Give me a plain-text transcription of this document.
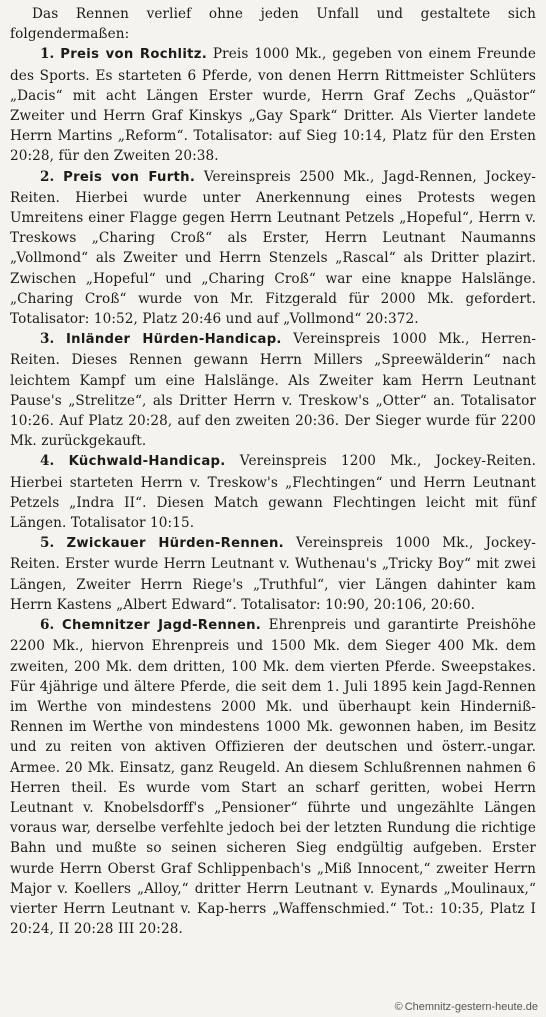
Das Rennen verlief ohne jeden Unfall und gestaltete sich folgendermaßen:

1. Preis von Rochlitz. Preis 1000 Mk., gegeben von einem Freunde des Sports. Es starteten 6 Pferde, von denen Herrn Rittmeister Schlüters „Dacis“ mit acht Längen Erster wurde, Herrn Graf Zechs „Quästor“ Zweiter und Herrn Graf Kinskys „Gay Spark“ Dritter. Als Vierter landete Herrn Martins „Reform“. Totalisator: auf Sieg 10:14, Platz für den Ersten 20:28, für den Zweiten 20:38.

2. Preis von Furth. Vereinspreis 2500 Mk., Jagd-Rennen, Jockey-Reiten. Hierbei wurde unter Anerkennung eines Protests wegen Umreitens einer Flagge gegen Herrn Leutnant Petzels „Hopeful“, Herrn v. Treskows „Charing Croß“ als Erster, Herrn Leutnant Naumanns „Vollmond“ als Zweiter und Herrn Stenzels „Rascal“ als Dritter plazirt. Zwischen „Hopeful“ und „Charing Croß“ war eine knappe Halslänge. „Charing Croß“ wurde von Mr. Fitzgerald für 2000 Mk. gefordert. Totalisator: 10:52, Platz 20:46 und auf „Vollmond“ 20:372.

3. Inländer Hürden-Handicap. Vereinspreis 1000 Mk., Herren-Reiten. Dieses Rennen gewann Herrn Millers „Spreewälderin“ nach leichtem Kampf um eine Halslänge. Als Zweiter kam Herrn Leutnant Pause's „Strelitze“, als Dritter Herrn v. Treskow's „Otter“ an. Totalisator 10:26. Auf Platz 20:28, auf den zweiten 20:36. Der Sieger wurde für 2200 Mk. zurückgekauft.

4. Küchwald-Handicap. Vereinspreis 1200 Mk., Jockey-Reiten. Hierbei starteten Herrn v. Treskow's „Flechtingen“ und Herrn Leutnant Petzels „Indra II“. Diesen Match gewann Flechtingen leicht mit fünf Längen. Totalisator 10:15.

5. Zwickauer Hürden-Rennen. Vereinspreis 1000 Mk., Jockey-Reiten. Erster wurde Herrn Leutnant v. Wuthenau's „Tricky Boy“ mit zwei Längen, Zweiter Herrn Riege's „Truthful“, vier Längen dahinter kam Herrn Kastens „Albert Edward“. Totalisator: 10:90, 20:106, 20:60.

6. Chemnitzer Jagd-Rennen. Ehrenpreis und garantirte Preishöhe 2200 Mk., hiervon Ehrenpreis und 1500 Mk. dem Sieger 400 Mk. dem zweiten, 200 Mk. dem dritten, 100 Mk. dem vierten Pferde. Sweepstakes. Für 4jährige und ältere Pferde, die seit dem 1. Juli 1895 kein Jagd-Rennen im Werthe von mindestens 2000 Mk. und überhaupt kein Hinderniß-Rennen im Werthe von mindestens 1000 Mk. gewonnen haben, im Besitz und zu reiten von aktiven Offizieren der deutschen und österr.-ungar. Armee. 20 Mk. Einsatz, ganz Reugeld. An diesem Schlußrennen nahmen 6 Herren theil. Es wurde vom Start an scharf geritten, wobei Herrn Leutnant v. Knobelsdorff's „Pensioner“ führte und ungezählte Längen voraus war, derselbe verfehlte jedoch bei der letzten Rundung die richtige Bahn und mußte so seinen sicheren Sieg endgültig aufgeben. Erster wurde Herrn Oberst Graf Schlippenbach's „Miß Innocent,“ zweiter Herrn Major v. Koellers „Alloy,“ dritter Herrn Leutnant v. Eynards „Moulinaux,“ vierter Herrn Leutnant v. Kap-herrs „Waffenschmied.“ Tot.: 10:35, Platz I 20:24, II 20:28 III 20:28.

© Chemnitz-gestern-heute.de
